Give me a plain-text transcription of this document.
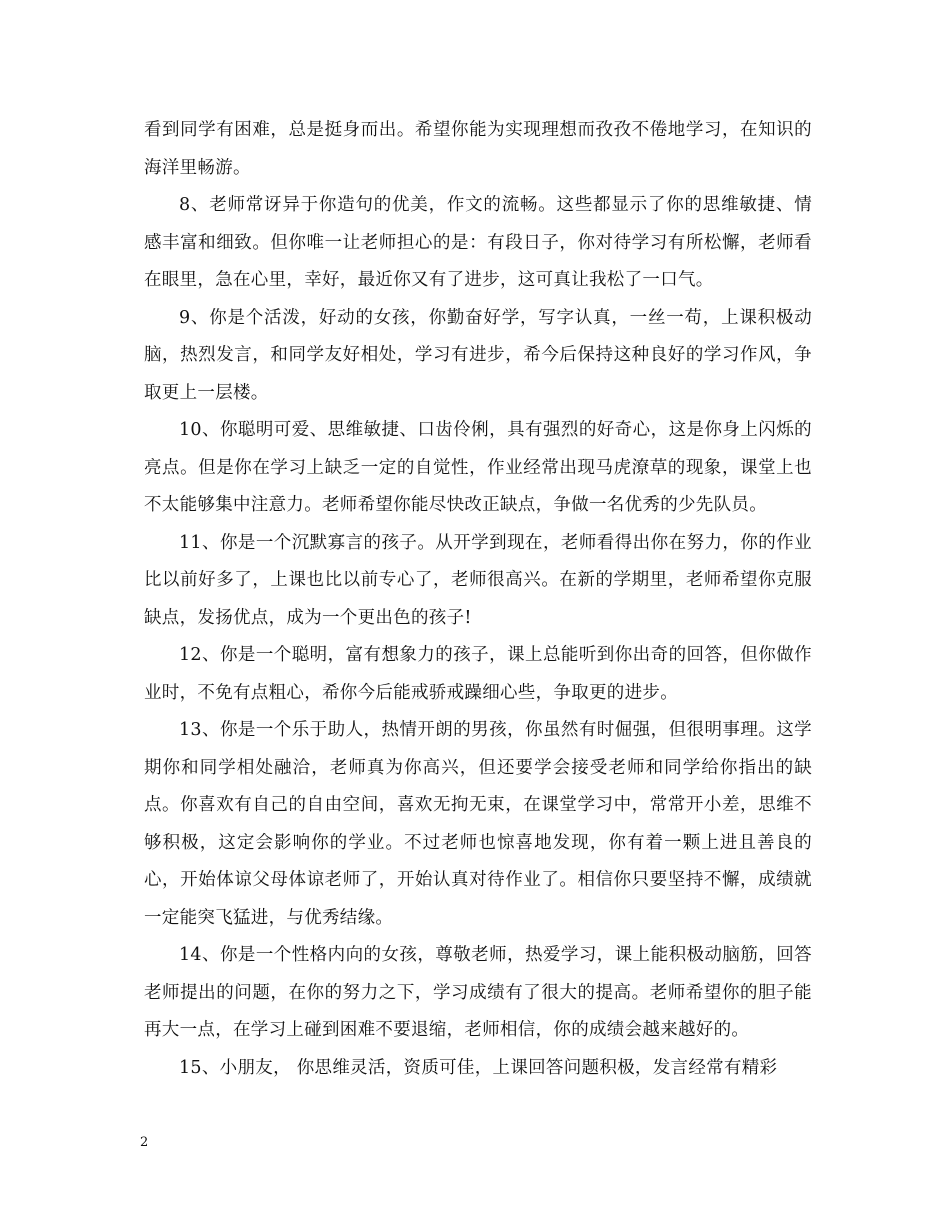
看到同学有困难，总是挺身而出。希望你能为实现理想而孜孜不倦地学习，在知识的海洋里畅游。

8、老师常讶异于你造句的优美，作文的流畅。这些都显示了你的思维敏捷、情感丰富和细致。但你唯一让老师担心的是：有段日子，你对待学习有所松懈，老师看在眼里，急在心里，幸好，最近你又有了进步，这可真让我松了一口气。

9、你是个活泼，好动的女孩，你勤奋好学，写字认真，一丝一苟，上课积极动脑，热烈发言，和同学友好相处，学习有进步，希今后保持这种良好的学习作风，争取更上一层楼。

10、你聪明可爱、思维敏捷、口齿伶俐，具有强烈的好奇心，这是你身上闪烁的亮点。但是你在学习上缺乏一定的自觉性，作业经常出现马虎潦草的现象，课堂上也不太能够集中注意力。老师希望你能尽快改正缺点，争做一名优秀的少先队员。

11、你是一个沉默寡言的孩子。从开学到现在，老师看得出你在努力，你的作业比以前好多了，上课也比以前专心了，老师很高兴。在新的学期里，老师希望你克服缺点，发扬优点，成为一个更出色的孩子!

12、你是一个聪明，富有想象力的孩子，课上总能听到你出奇的回答，但你做作业时，不免有点粗心，希你今后能戒骄戒躁细心些，争取更的进步。

13、你是一个乐于助人，热情开朗的男孩，你虽然有时倔强，但很明事理。这学期你和同学相处融洽，老师真为你高兴，但还要学会接受老师和同学给你指出的缺点。你喜欢有自己的自由空间，喜欢无拘无束，在课堂学习中，常常开小差，思维不够积极，这定会影响你的学业。不过老师也惊喜地发现，你有着一颗上进且善良的心，开始体谅父母体谅老师了，开始认真对待作业了。相信你只要坚持不懈，成绩就一定能突飞猛进，与优秀结缘。

14、你是一个性格内向的女孩，尊敬老师，热爱学习，课上能积极动脑筋，回答老师提出的问题，在你的努力之下，学习成绩有了很大的提高。老师希望你的胆子能再大一点，在学习上碰到困难不要退缩，老师相信，你的成绩会越来越好的。

15、小朋友， 你思维灵活，资质可佳，上课回答问题积极，发言经常有精彩

2
